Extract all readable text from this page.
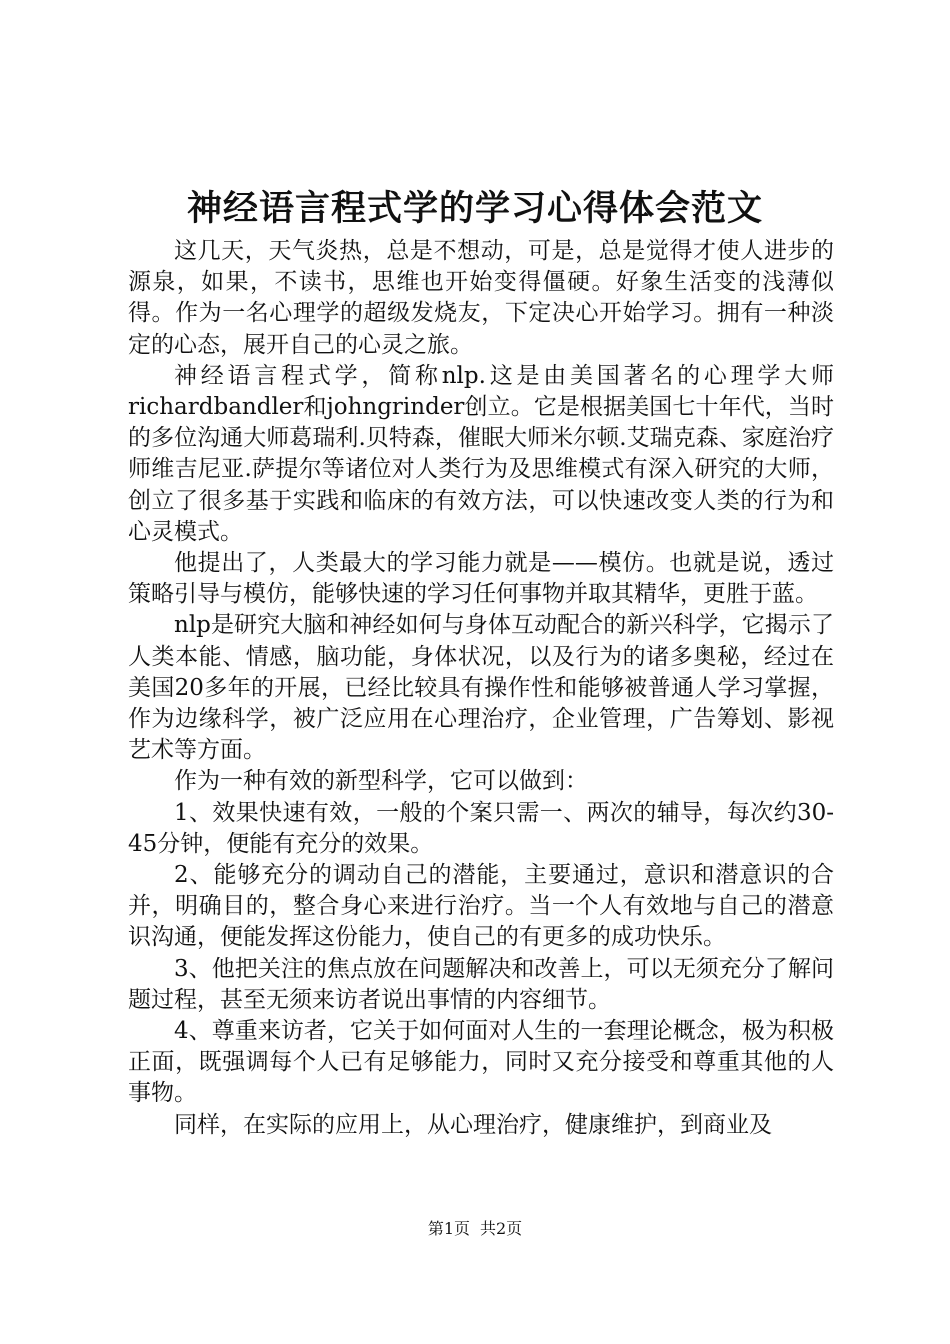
神经语言程式学的学习心得体会范文

这几天，天气炎热，总是不想动，可是，总是觉得才使人进步的源泉，如果，不读书，思维也开始变得僵硬。好象生活变的浅薄似得。作为一名心理学的超级发烧友，下定决心开始学习。拥有一种淡定的心态，展开自己的心灵之旅。

神经语言程式学，简称nlp.这是由美国著名的心理学大师richardbandler和johngrinder创立。它是根据美国七十年代，当时的多位沟通大师葛瑞利.贝特森，催眠大师米尔顿.艾瑞克森、家庭治疗师维吉尼亚.萨提尔等诸位对人类行为及思维模式有深入研究的大师，创立了很多基于实践和临床的有效方法，可以快速改变人类的行为和心灵模式。

他提出了，人类最大的学习能力就是——模仿。也就是说，透过策略引导与模仿，能够快速的学习任何事物并取其精华，更胜于蓝。

nlp是研究大脑和神经如何与身体互动配合的新兴科学，它揭示了人类本能、情感，脑功能，身体状况，以及行为的诸多奥秘，经过在美国20多年的开展，已经比较具有操作性和能够被普通人学习掌握，作为边缘科学，被广泛应用在心理治疗，企业管理，广告筹划、影视艺术等方面。

作为一种有效的新型科学，它可以做到：

1、效果快速有效，一般的个案只需一、两次的辅导，每次约30-45分钟，便能有充分的效果。

2、能够充分的调动自己的潜能，主要通过，意识和潜意识的合并，明确目的，整合身心来进行治疗。当一个人有效地与自己的潜意识沟通，便能发挥这份能力，使自己的有更多的成功快乐。

3、他把关注的焦点放在问题解决和改善上，可以无须充分了解问题过程，甚至无须来访者说出事情的内容细节。

4、尊重来访者，它关于如何面对人生的一套理论概念，极为积极正面，既强调每个人已有足够能力，同时又充分接受和尊重其他的人事物。

同样，在实际的应用上，从心理治疗，健康维护，到商业及

第1页 共2页
